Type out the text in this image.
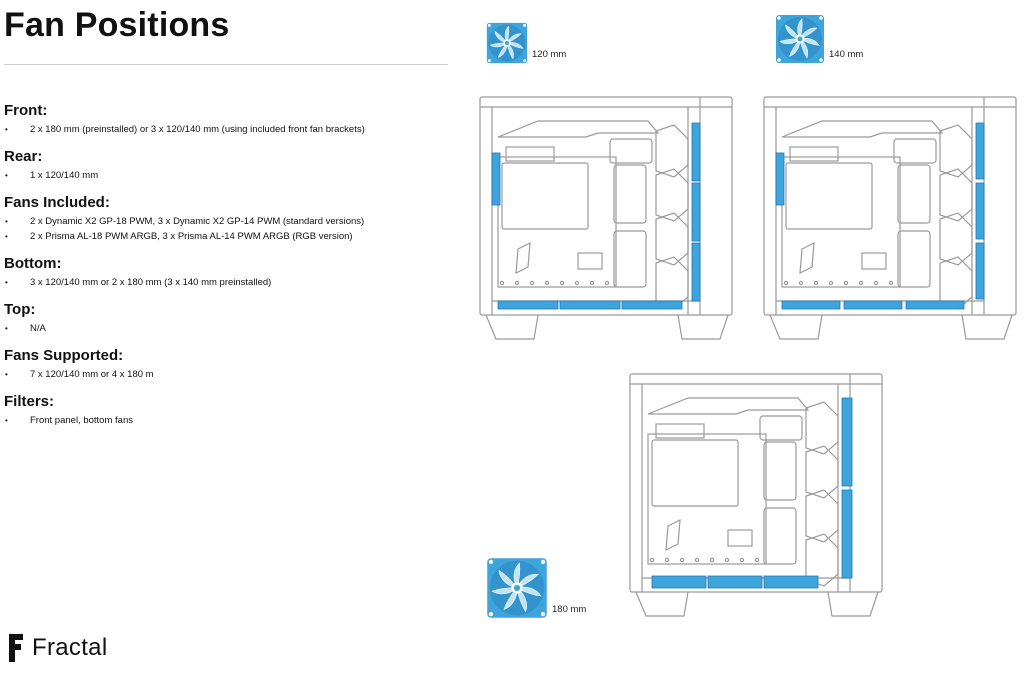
Fan Positions
Front:
• 2 x 180 mm (preinstalled) or 3 x 120/140 mm (using included front fan brackets)
Rear:
• 1 x 120/140 mm
Fans Included:
• 2 x Dynamic X2 GP-18 PWM, 3 x Dynamic X2 GP-14 PWM (standard versions)
• 2 x Prisma AL-18 PWM ARGB, 3 x Prisma AL-14 PWM ARGB (RGB version)
Bottom:
• 3 x 120/140 mm or 2 x 180 mm (3 x 140 mm preinstalled)
Top:
• N/A
Fans Supported:
• 7 x 120/140 mm or 4 x 180 m
Filters:
• Front panel, bottom fans
Fractal
120 mm	140 mm
180 mm
